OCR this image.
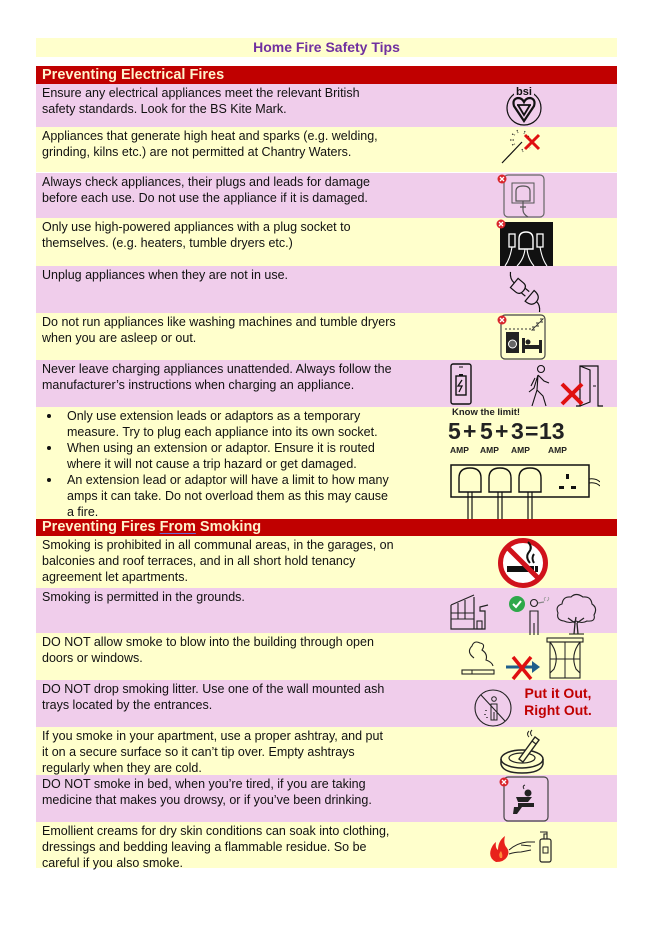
Home Fire Safety Tips
Preventing Electrical Fires
Ensure any electrical appliances meet the relevant British
safety standards. Look for the BS Kite Mark.
Appliances that generate high heat and sparks (e.g. welding,
grinding, kilns etc.) are not permitted at Chantry Waters.
Always check appliances, their plugs and leads for damage
before each use. Do not use the appliance if it is damaged.
Only use high-powered appliances with a plug socket to
themselves. (e.g. heaters, tumble dryers etc.)
Unplug appliances when they are not in use.
Do not run appliances like washing machines and tumble dryers
when you are asleep or out.
Never leave charging appliances unattended. Always follow the
manufacturer’s instructions when charging an appliance.
Only use extension leads or adaptors as a temporary
measure. Try to plug each appliance into its own socket.
When using an extension or adaptor. Ensure it is routed
where it will not cause a trip hazard or get damaged.
An extension lead or adaptor will have a limit to how many
amps it can take. Do not overload them as this may cause
a fire.
Preventing Fires From Smoking
Smoking is prohibited in all communal areas, in the garages, on
balconies and roof terraces, and in all short hold tenancy
agreement let apartments.
Smoking is permitted in the grounds.
DO NOT allow smoke to blow into the building through open
doors or windows.
DO NOT drop smoking litter. Use one of the wall mounted ash
trays located by the entrances.
If you smoke in your apartment, use a proper ashtray, and put
it on a secure surface so it can’t tip over. Empty ashtrays
regularly when they are cold.
DO NOT smoke in bed, when you’re tired, if you are taking
medicine that makes you drowsy, or if you’ve been drinking.
Emollient creams for dry skin conditions can soak into clothing,
dressings and bedding leaving a flammable residue. So be
careful if you also smoke.
bsi
Know the limit!
5 + 5 + 3 = 13
AMP AMP AMP AMP
Put it Out,
Right Out.
